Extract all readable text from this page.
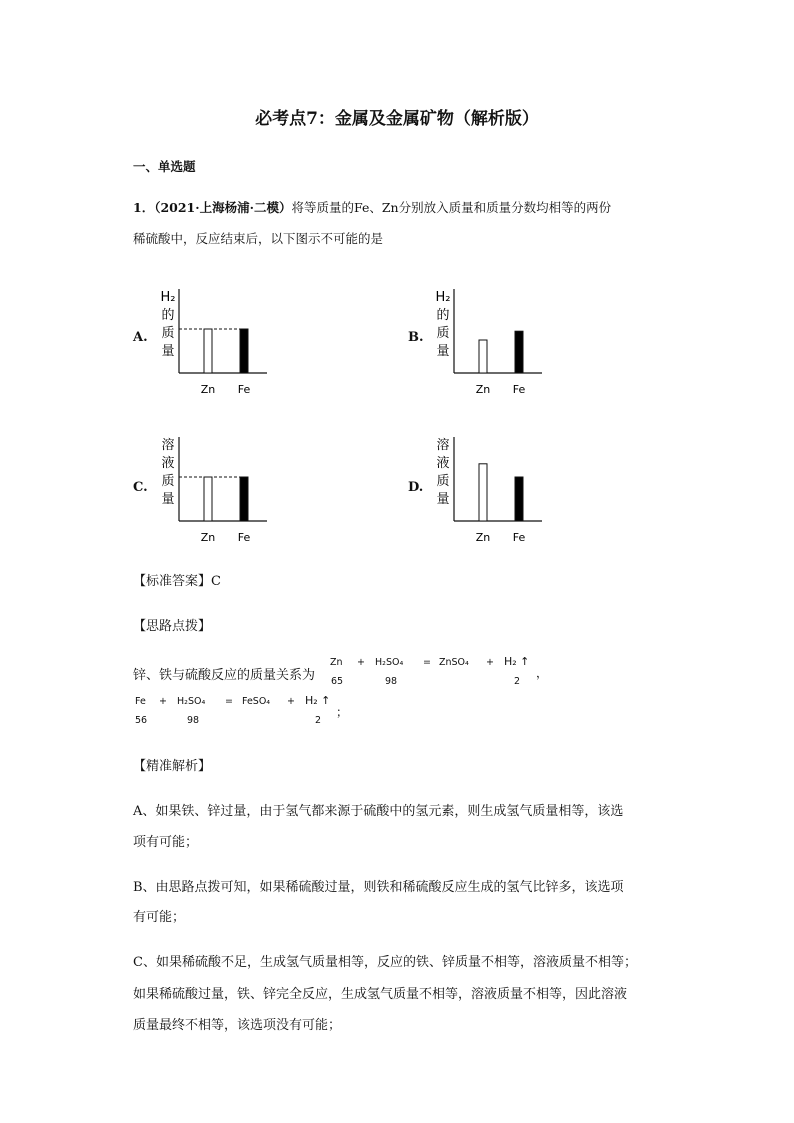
必考点7：金属及金属矿物（解析版）
一、单选题
1．（2021·上海杨浦·二模）将等质量的Fe、Zn分别放入质量和质量分数均相等的两份
稀硫酸中，反应结束后，以下图示不可能的是
A.
H₂
的
质
量
Zn Fe
B.
H₂
的
质
量
Zn Fe
C.
溶
液
质
量
Zn Fe
D.
溶
液
质
量
Zn Fe
【标准答案】C
【思路点拨】
锌、铁与硫酸反应的质量关系为
Zn + H₂SO₄ = ZnSO₄ + H₂ ↑
，
65	98	2
Fe + H₂SO₄ = FeSO₄ + H₂ ↑
；
56	98	2
【精准解析】
A、如果铁、锌过量，由于氢气都来源于硫酸中的氢元素，则生成氢气质量相等，该选
项有可能；
B、由思路点拨可知，如果稀硫酸过量，则铁和稀硫酸反应生成的氢气比锌多，该选项
有可能；
C、如果稀硫酸不足，生成氢气质量相等，反应的铁、锌质量不相等，溶液质量不相等；
如果稀硫酸过量，铁、锌完全反应，生成氢气质量不相等，溶液质量不相等，因此溶液
质量最终不相等，该选项没有可能；
